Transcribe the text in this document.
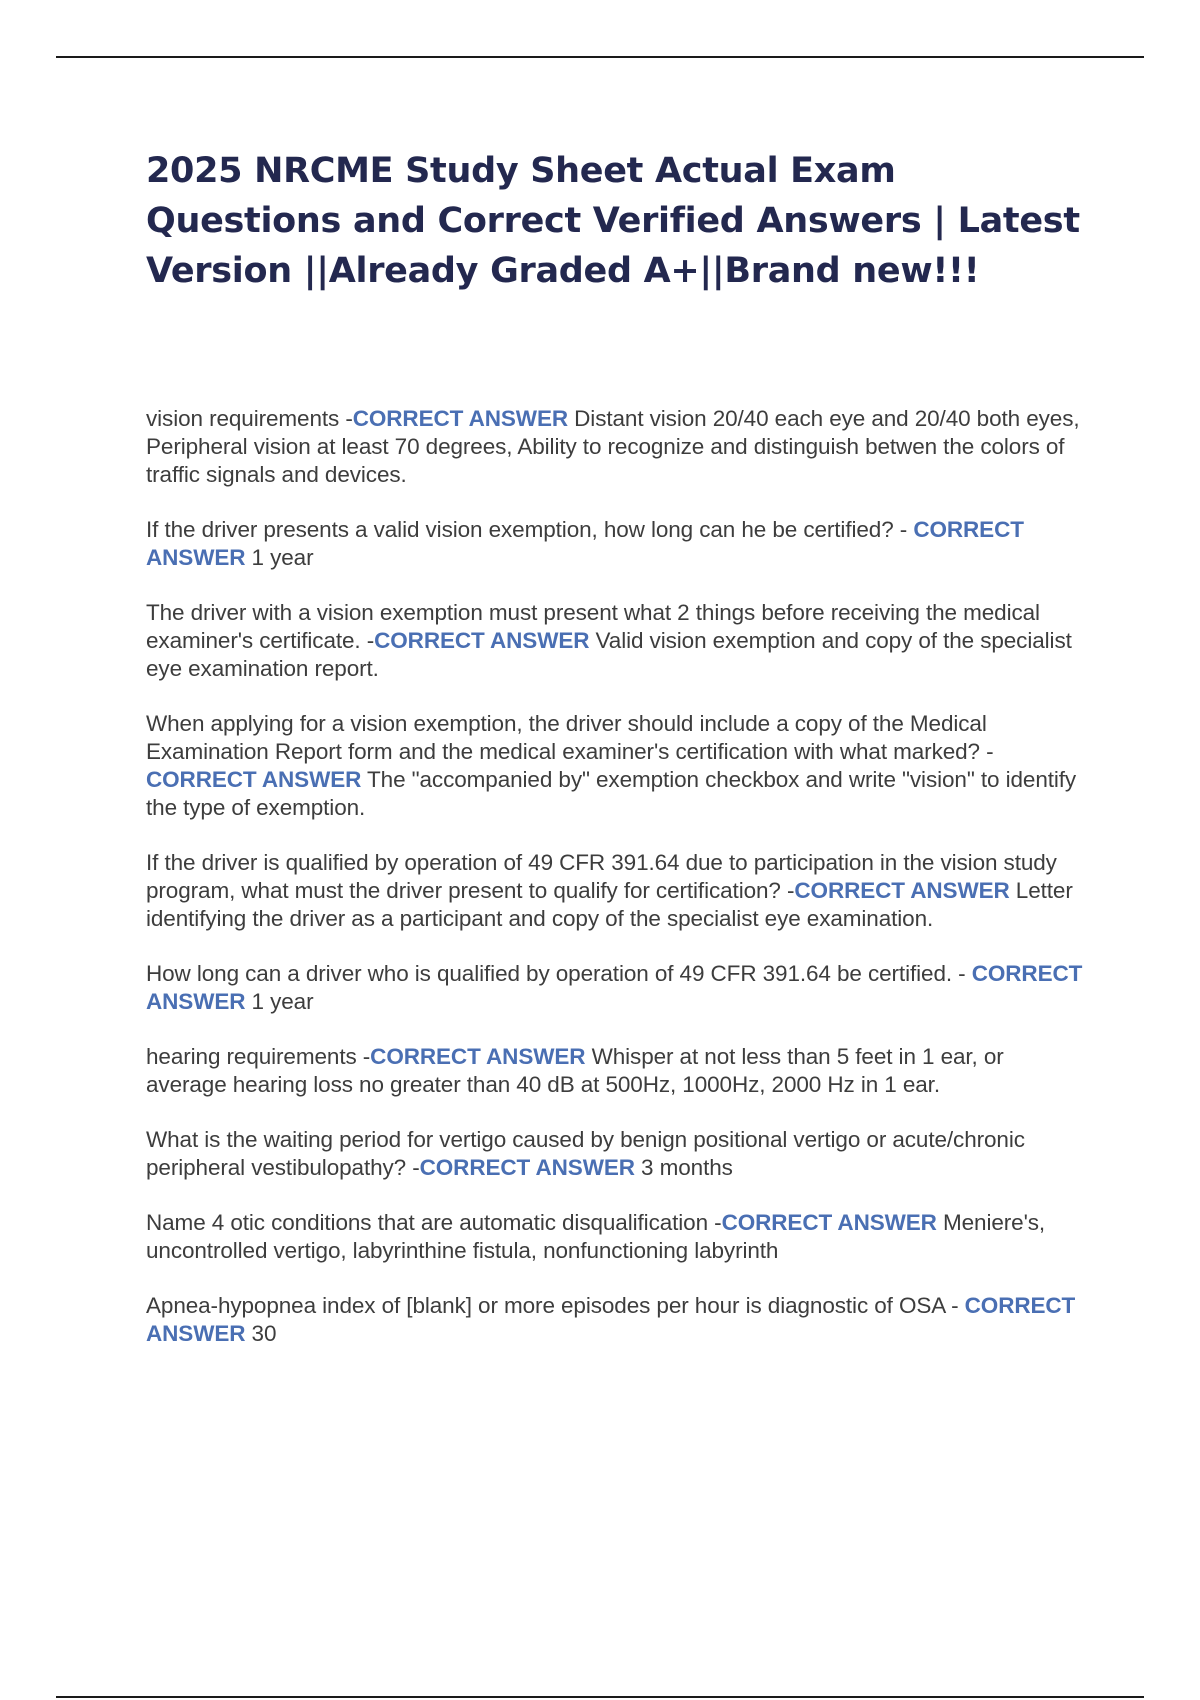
2025 NRCME Study Sheet Actual Exam Questions and Correct Verified Answers | Latest Version ||Already Graded A+||Brand new!!!

vision requirements -CORRECT ANSWER Distant vision 20/40 each eye and 20/40 both eyes, Peripheral vision at least 70 degrees, Ability to recognize and distinguish betwen the colors of traffic signals and devices.

If the driver presents a valid vision exemption, how long can he be certified? - CORRECT ANSWER 1 year

The driver with a vision exemption must present what 2 things before receiving the medical examiner's certificate. -CORRECT ANSWER Valid vision exemption and copy of the specialist eye examination report.

When applying for a vision exemption, the driver should include a copy of the Medical Examination Report form and the medical examiner's certification with what marked? - CORRECT ANSWER The "accompanied by" exemption checkbox and write "vision" to identify the type of exemption.

If the driver is qualified by operation of 49 CFR 391.64 due to participation in the vision study program, what must the driver present to qualify for certification? -CORRECT ANSWER Letter identifying the driver as a participant and copy of the specialist eye examination.

How long can a driver who is qualified by operation of 49 CFR 391.64 be certified. - CORRECT ANSWER 1 year

hearing requirements -CORRECT ANSWER Whisper at not less than 5 feet in 1 ear, or average hearing loss no greater than 40 dB at 500Hz, 1000Hz, 2000 Hz in 1 ear.

What is the waiting period for vertigo caused by benign positional vertigo or acute/chronic peripheral vestibulopathy? -CORRECT ANSWER 3 months

Name 4 otic conditions that are automatic disqualification -CORRECT ANSWER Meniere's, uncontrolled vertigo, labyrinthine fistula, nonfunctioning labyrinth

Apnea-hypopnea index of [blank] or more episodes per hour is diagnostic of OSA - CORRECT ANSWER 30
